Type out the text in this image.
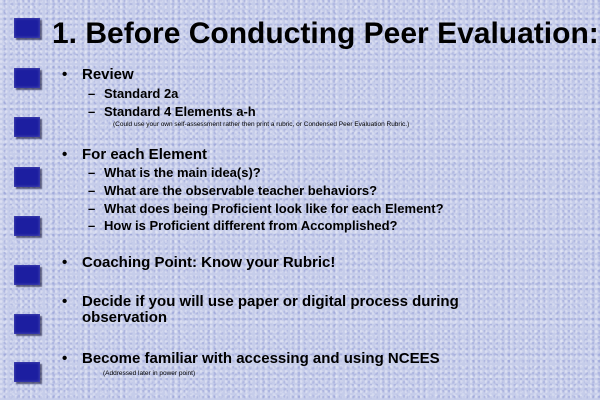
1. Before Conducting Peer Evaluation:
• Review
– Standard 2a
– Standard 4 Elements a-h
(Could use your own self-assessment rather then print a rubric, or Condensed Peer Evaluation Rubric.)
• For each Element
– What is the main idea(s)?
– What are the observable teacher behaviors?
– What does being Proficient look like for each Element?
– How is Proficient different from Accomplished?
• Coaching Point: Know your Rubric!
• Decide if you will use paper or digital process during
observation
• Become familiar with accessing and using NCEES
(Addressed later in power point)
